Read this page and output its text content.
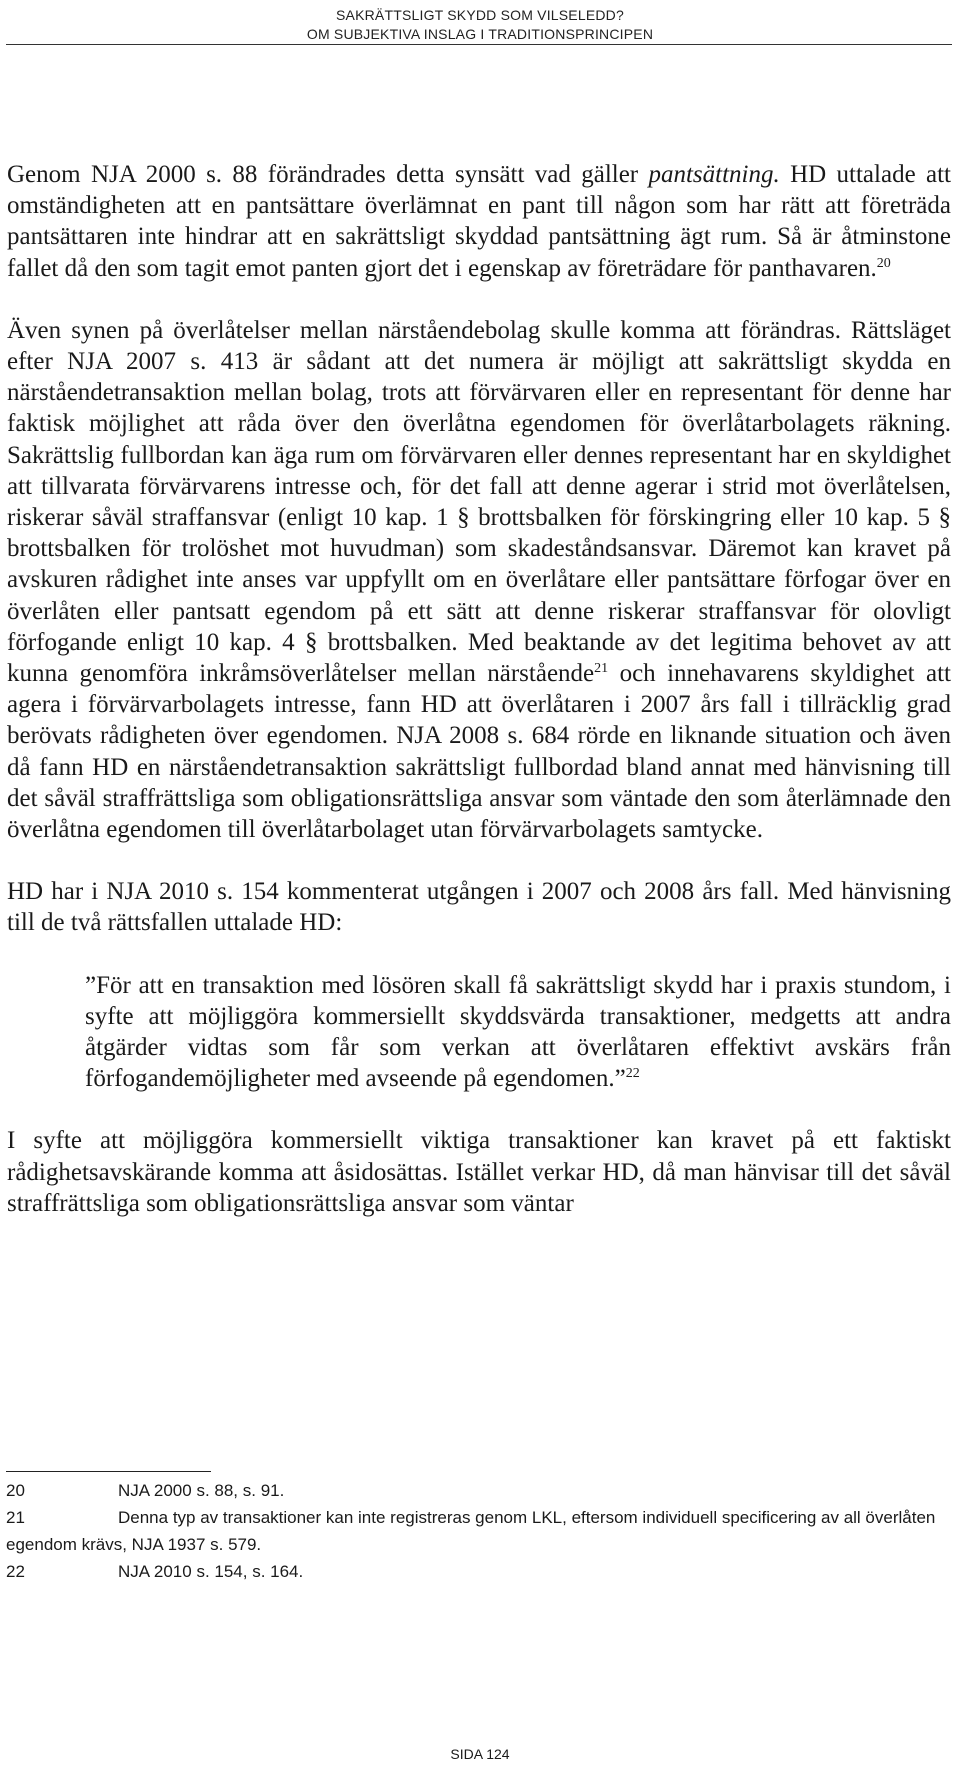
SAKRÄTTSLIGT SKYDD SOM VILSELEDD?
OM SUBJEKTIVA INSLAG I TRADITIONSPRINCIPEN

Genom NJA 2000 s. 88 förändrades detta synsätt vad gäller pantsättning. HD uttalade att omständigheten att en pantsättare överlämnat en pant till någon som har rätt att företräda pantsättaren inte hindrar att en sakrättsligt skyddad pantsättning ägt rum. Så är åtminstone fallet då den som tagit emot panten gjort det i egenskap av företrädare för panthavaren.$^{20}$

Även synen på överlåtelser mellan närståendebolag skulle komma att förändras. Rättsläget efter NJA 2007 s. 413 är sådant att det numera är möjligt att sakrättsligt skydda en närståendetransaktion mellan bolag, trots att förvärvaren eller en representant för denne har faktisk möjlighet att råda över den överlåtna egendomen för överlåtarbolagets räkning. Sakrättslig fullbordan kan äga rum om förvärvaren eller dennes representant har en skyldighet att tillvarata förvärvarens intresse och, för det fall att denne agerar i strid mot överlåtelsen, riskerar såväl straffansvar (enligt 10 kap. 1 § brottsbalken för förskingring eller 10 kap. 5 § brottsbalken för trolöshet mot huvudman) som skadeståndsansvar. Däremot kan kravet på avskuren rådighet inte anses var uppfyllt om en överlåtare eller pantsättare förfogar över en överlåten eller pantsatt egendom på ett sätt att denne riskerar straffansvar för olovligt förfogande enligt 10 kap. 4 § brottsbalken. Med beaktande av det legitima behovet av att kunna genomföra inkråmsöverlåtelser mellan närstående$^{21}$ och innehavarens skyldighet att agera i förvärvarbolagets intresse, fann HD att överlåtaren i 2007 års fall i tillräcklig grad berövats rådigheten över egendomen. NJA 2008 s. 684 rörde en liknande situation och även då fann HD en närståendetransaktion sakrättsligt fullbordad bland annat med hänvisning till det såväl straffrättsliga som obligationsrättsliga ansvar som väntade den som återlämnade den överlåtna egendomen till överlåtarbolaget utan förvärvarbolagets samtycke.

HD har i NJA 2010 s. 154 kommenterat utgången i 2007 och 2008 års fall. Med hänvisning till de två rättsfallen uttalade HD:

”För att en transaktion med lösören skall få sakrättsligt skydd har i praxis stundom, i syfte att möjliggöra kommersiellt skyddsvärda transaktioner, medgetts att andra åtgärder vidtas som får som verkan att överlåtaren effektivt avskärs från förfogandemöjligheter med avseende på egendomen.”$^{22}$

I syfte att möjliggöra kommersiellt viktiga transaktioner kan kravet på ett faktiskt rådighetsavskärande komma att åsidosättas. Istället verkar HD, då man hänvisar till det såväl straffrättsliga som obligationsrättsliga ansvar som väntar

20	NJA 2000 s. 88, s. 91.

21	Denna typ av transaktioner kan inte registreras genom LKL, eftersom individuell specificering av all överlåten egendom krävs, NJA 1937 s. 579.

22	NJA 2010 s. 154, s. 164.

SIDA 124
